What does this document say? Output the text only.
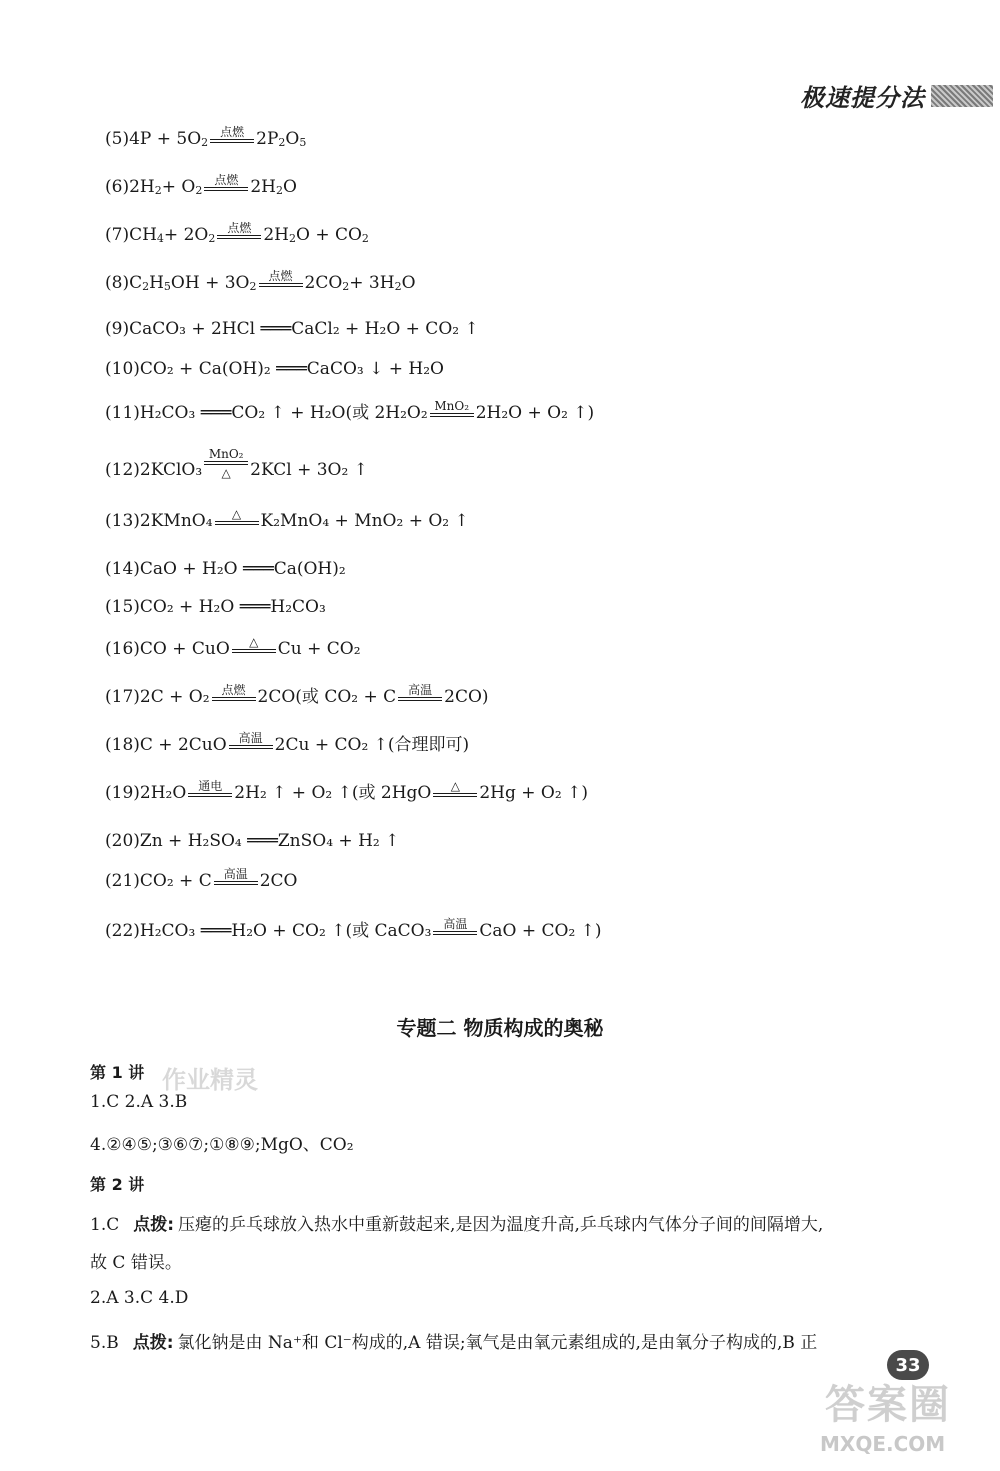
极速提分法
(5)4P + 5O 2
点燃 2P 2 O 5
(6)2H 2 + O 2
点燃 2H 2 O
(7)CH 4 + 2O 2
点燃 2H 2 O + CO 2
(8)C 2 H 5 OH + 3O 2
点燃 2CO 2 + 3H 2 O
(9)CaCO₃ + 2HCl ═══CaCl₂ + H₂O + CO₂ ↑
(10)CO₂ + Ca(OH)₂ ═══CaCO₃ ↓ + H₂O
(11)H₂CO₃ ═══CO₂ ↑ + H₂O(或 2H₂O₂ MnO₂ 2H₂O + O₂ ↑)
(12)2KClO₃
MnO₂
△ 2KCl + 3O₂ ↑
(13)2KMnO₄ △ K₂MnO₄ + MnO₂ + O₂ ↑
(14)CaO + H₂O ═══Ca(OH)₂
(15)CO₂ + H₂O ═══H₂CO₃
(16)CO + CuO △ Cu + CO₂
(17)2C + O₂ 点燃 2CO(或 CO₂ + C 高温 2CO)
(18)C + 2CuO 高温 2Cu + CO₂ ↑(合理即可)
(19)2H₂O 通电 2H₂ ↑ + O₂ ↑(或 2HgO △ 2Hg + O₂ ↑)
(20)Zn + H₂SO₄ ═══ZnSO₄ + H₂ ↑
(21)CO₂ + C 高温 2CO
(22)H₂CO₃ ═══H₂O + CO₂ ↑(或 CaCO₃ 高温 CaO + CO₂ ↑)
专题二 物质构成的奥秘
第 1 讲 作业精灵
1.C 2.A 3.B
4.②④⑤;③⑥⑦;①⑧⑨;MgO、CO₂
第 2 讲
1.C 点拨: 压瘪的乒乓球放入热水中重新鼓起来,是因为温度升高,乒乓球内气体分子间的间隔增大,
故 C 错误。
2.A 3.C 4.D
5.B 点拨: 氯化钠是由 Na⁺和 Cl⁻构成的,A 错误;氧气是由氧元素组成的,是由氧分子构成的,B 正
33
答案圈
MXQE.COM
